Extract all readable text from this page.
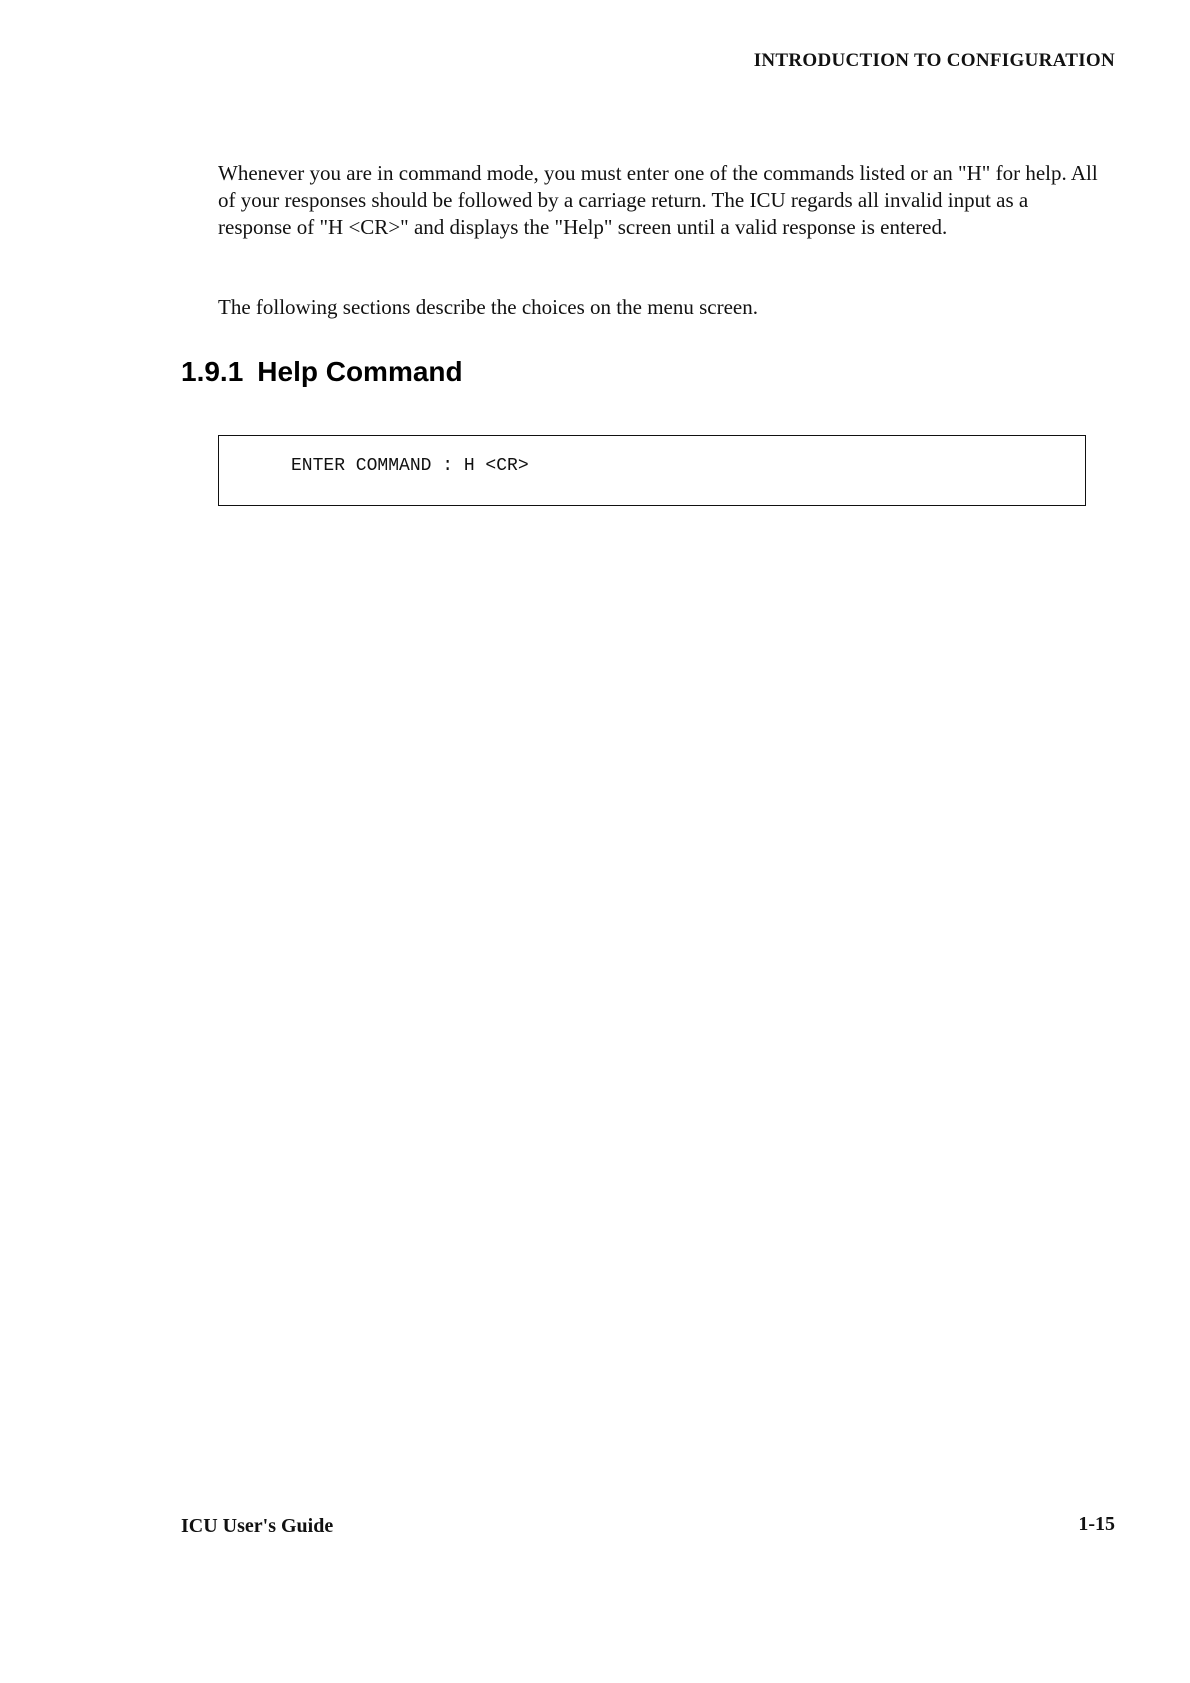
INTRODUCTION TO CONFIGURATION

Whenever you are in command mode, you must enter one of the commands listed or an "H" for help. All of your responses should be followed by a carriage return. The ICU regards all invalid input as a response of "H <CR>" and displays the "Help" screen until a valid response is entered.

The following sections describe the choices on the menu screen.

1.9.1 Help Command
ENTER COMMAND : H <CR>
ICU User's Guide	1-15
